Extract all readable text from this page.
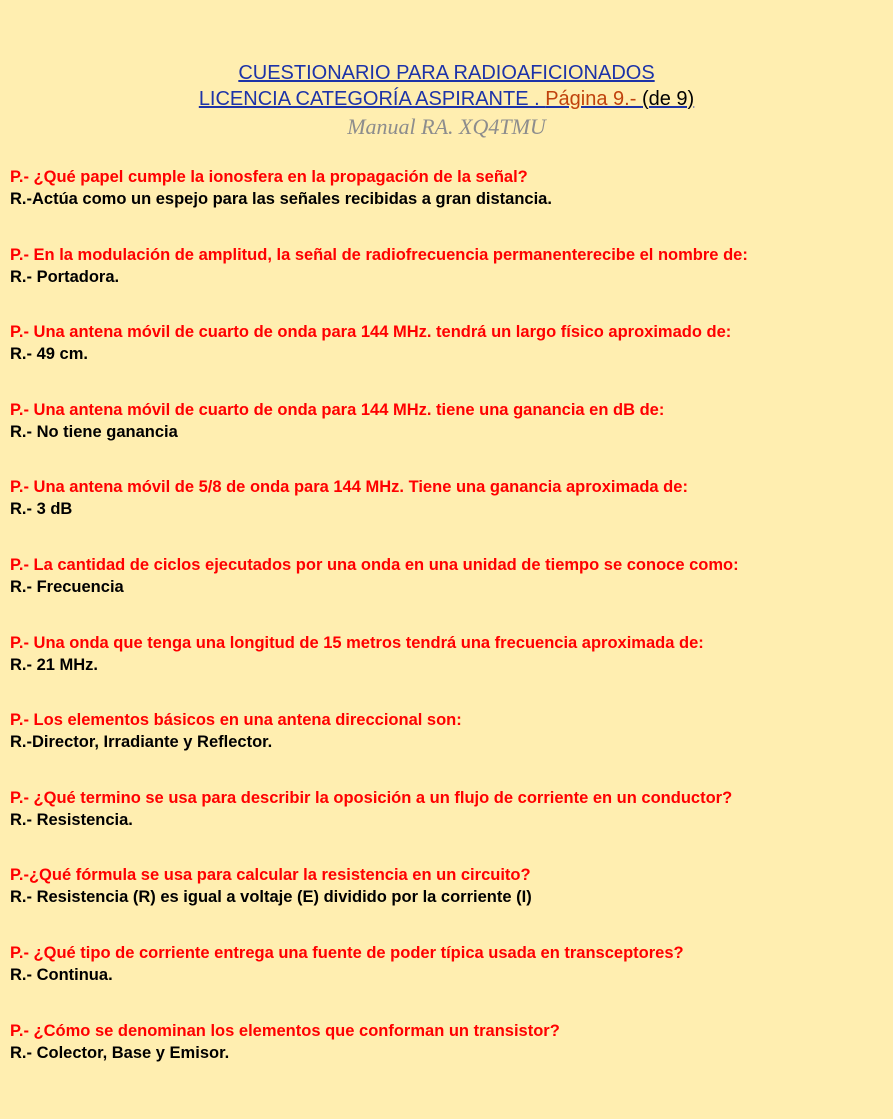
CUESTIONARIO PARA RADIOAFICIONADOS
LICENCIA CATEGORÍA ASPIRANTE . Página 9.- (de 9)
Manual RA. XQ4TMU
P.- ¿Qué papel cumple la ionosfera en la propagación de la señal?
R.-Actúa como un espejo para las señales recibidas a gran distancia.
P.- En la modulación de amplitud, la señal de radiofrecuencia permanenterecibe el nombre de:
R.- Portadora.
P.- Una antena móvil de cuarto de onda para 144 MHz. tendrá un largo físico aproximado de:
R.- 49 cm.
P.- Una antena móvil de cuarto de onda para 144 MHz. tiene una ganancia en dB de:
R.- No tiene ganancia
P.- Una antena móvil de 5/8 de onda para 144 MHz. Tiene una ganancia aproximada de:
R.- 3 dB
P.- La cantidad de ciclos ejecutados por una onda en una unidad de tiempo se conoce como:
R.- Frecuencia
P.- Una onda que tenga una longitud de 15 metros tendrá una frecuencia aproximada de:
R.- 21 MHz.
P.- Los elementos básicos en una antena direccional son:
R.-Director, Irradiante y Reflector.
P.- ¿Qué termino se usa para describir la oposición a un flujo de corriente en un conductor?
R.- Resistencia.
P.-¿Qué fórmula se usa para calcular la resistencia en un circuito?
R.- Resistencia (R) es igual a voltaje (E) dividido por la corriente (I)
P.- ¿Qué tipo de corriente entrega una fuente de poder típica usada en transceptores?
R.- Continua.
P.- ¿Cómo se denominan los elementos que conforman un transistor?
R.- Colector, Base y Emisor.
